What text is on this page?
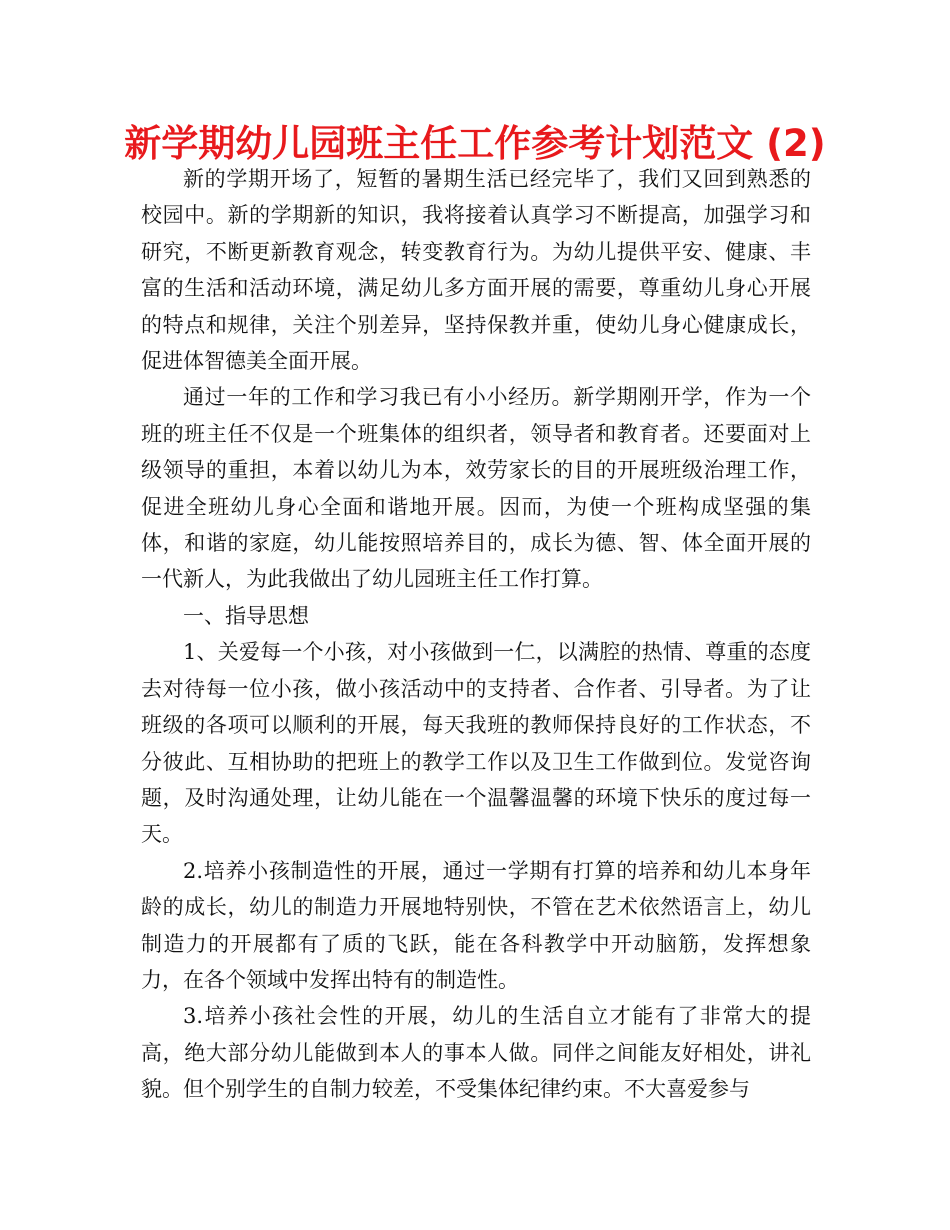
新学期幼儿园班主任工作参考计划范文 (2)

新的学期开场了，短暂的暑期生活已经完毕了，我们又回到熟悉的校园中。新的学期新的知识，我将接着认真学习不断提高，加强学习和研究，不断更新教育观念，转变教育行为。为幼儿提供平安、健康、丰富的生活和活动环境，满足幼儿多方面开展的需要，尊重幼儿身心开展的特点和规律，关注个别差异，坚持保教并重，使幼儿身心健康成长，促进体智德美全面开展。

通过一年的工作和学习我已有小小经历。新学期刚开学，作为一个班的班主任不仅是一个班集体的组织者，领导者和教育者。还要面对上级领导的重担，本着以幼儿为本，效劳家长的目的开展班级治理工作，促进全班幼儿身心全面和谐地开展。因而，为使一个班构成坚强的集体，和谐的家庭，幼儿能按照培养目的，成长为德、智、体全面开展的一代新人，为此我做出了幼儿园班主任工作打算。

一、指导思想

1、关爱每一个小孩，对小孩做到一仁，以满腔的热情、尊重的态度去对待每一位小孩，做小孩活动中的支持者、合作者、引导者。为了让班级的各项可以顺利的开展，每天我班的教师保持良好的工作状态，不分彼此、互相协助的把班上的教学工作以及卫生工作做到位。发觉咨询题，及时沟通处理，让幼儿能在一个温馨温馨的环境下快乐的度过每一天。

2.培养小孩制造性的开展，通过一学期有打算的培养和幼儿本身年龄的成长，幼儿的制造力开展地特别快，不管在艺术依然语言上，幼儿制造力的开展都有了质的飞跃，能在各科教学中开动脑筋，发挥想象力，在各个领域中发挥出特有的制造性。

3.培养小孩社会性的开展，幼儿的生活自立才能有了非常大的提高，绝大部分幼儿能做到本人的事本人做。同伴之间能友好相处，讲礼貌。但个别学生的自制力较差，不受集体纪律约束。不大喜爱参与
